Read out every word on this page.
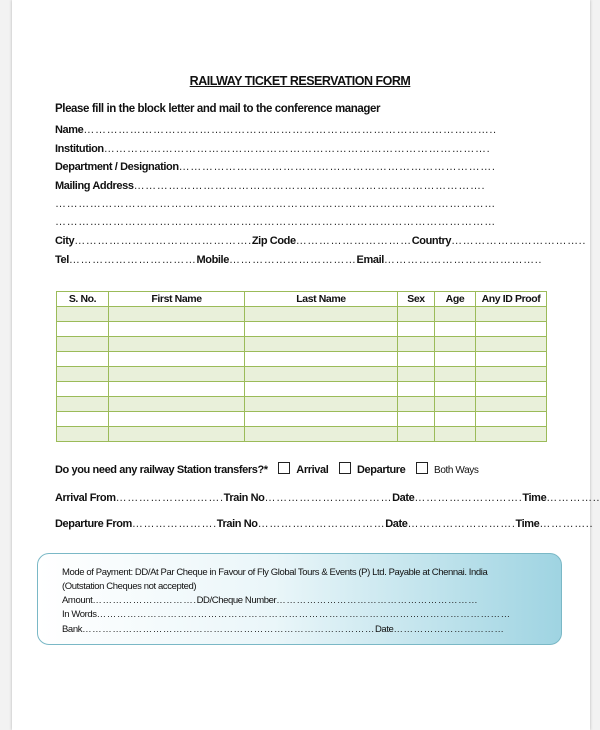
RAILWAY TICKET RESERVATION FORM
Please fill in the block letter and mail to the conference manager
Name……………………………………………………………………………………………..
Institution……………………………………………………………………………………….
Department / Designation……………………………………………………………………….
Mailing Address……………………………………………………………………………….
……………………………………………………………………………………………………
……………………………………………………………………………………………………
City……………………………………….Zip Code…………………………Country……………………………..
Tel……………………………Mobile……………………………Email…………………………………..
S. No.	First Name	Last Name	Sex	Age	Any ID Proof

Do you need any railway Station transfers?*	Arrival	Departure	Both Ways
Arrival From……………………….Train No……………………………Date……………………….Time…………..
Departure From………………….Train No……………………………Date……………………….Time…………..
Mode of Payment: DD/At Par Cheque in Favour of Fly Global Tours & Events (P) Ltd. Payable at Chennai. India
(Outstation Cheques not accepted)
Amount………………………….DD/Cheque Number……………………………………………………
In Words……………………………………………………………………………………………………………
Bank……………………………………………………………………………Date……………………………
